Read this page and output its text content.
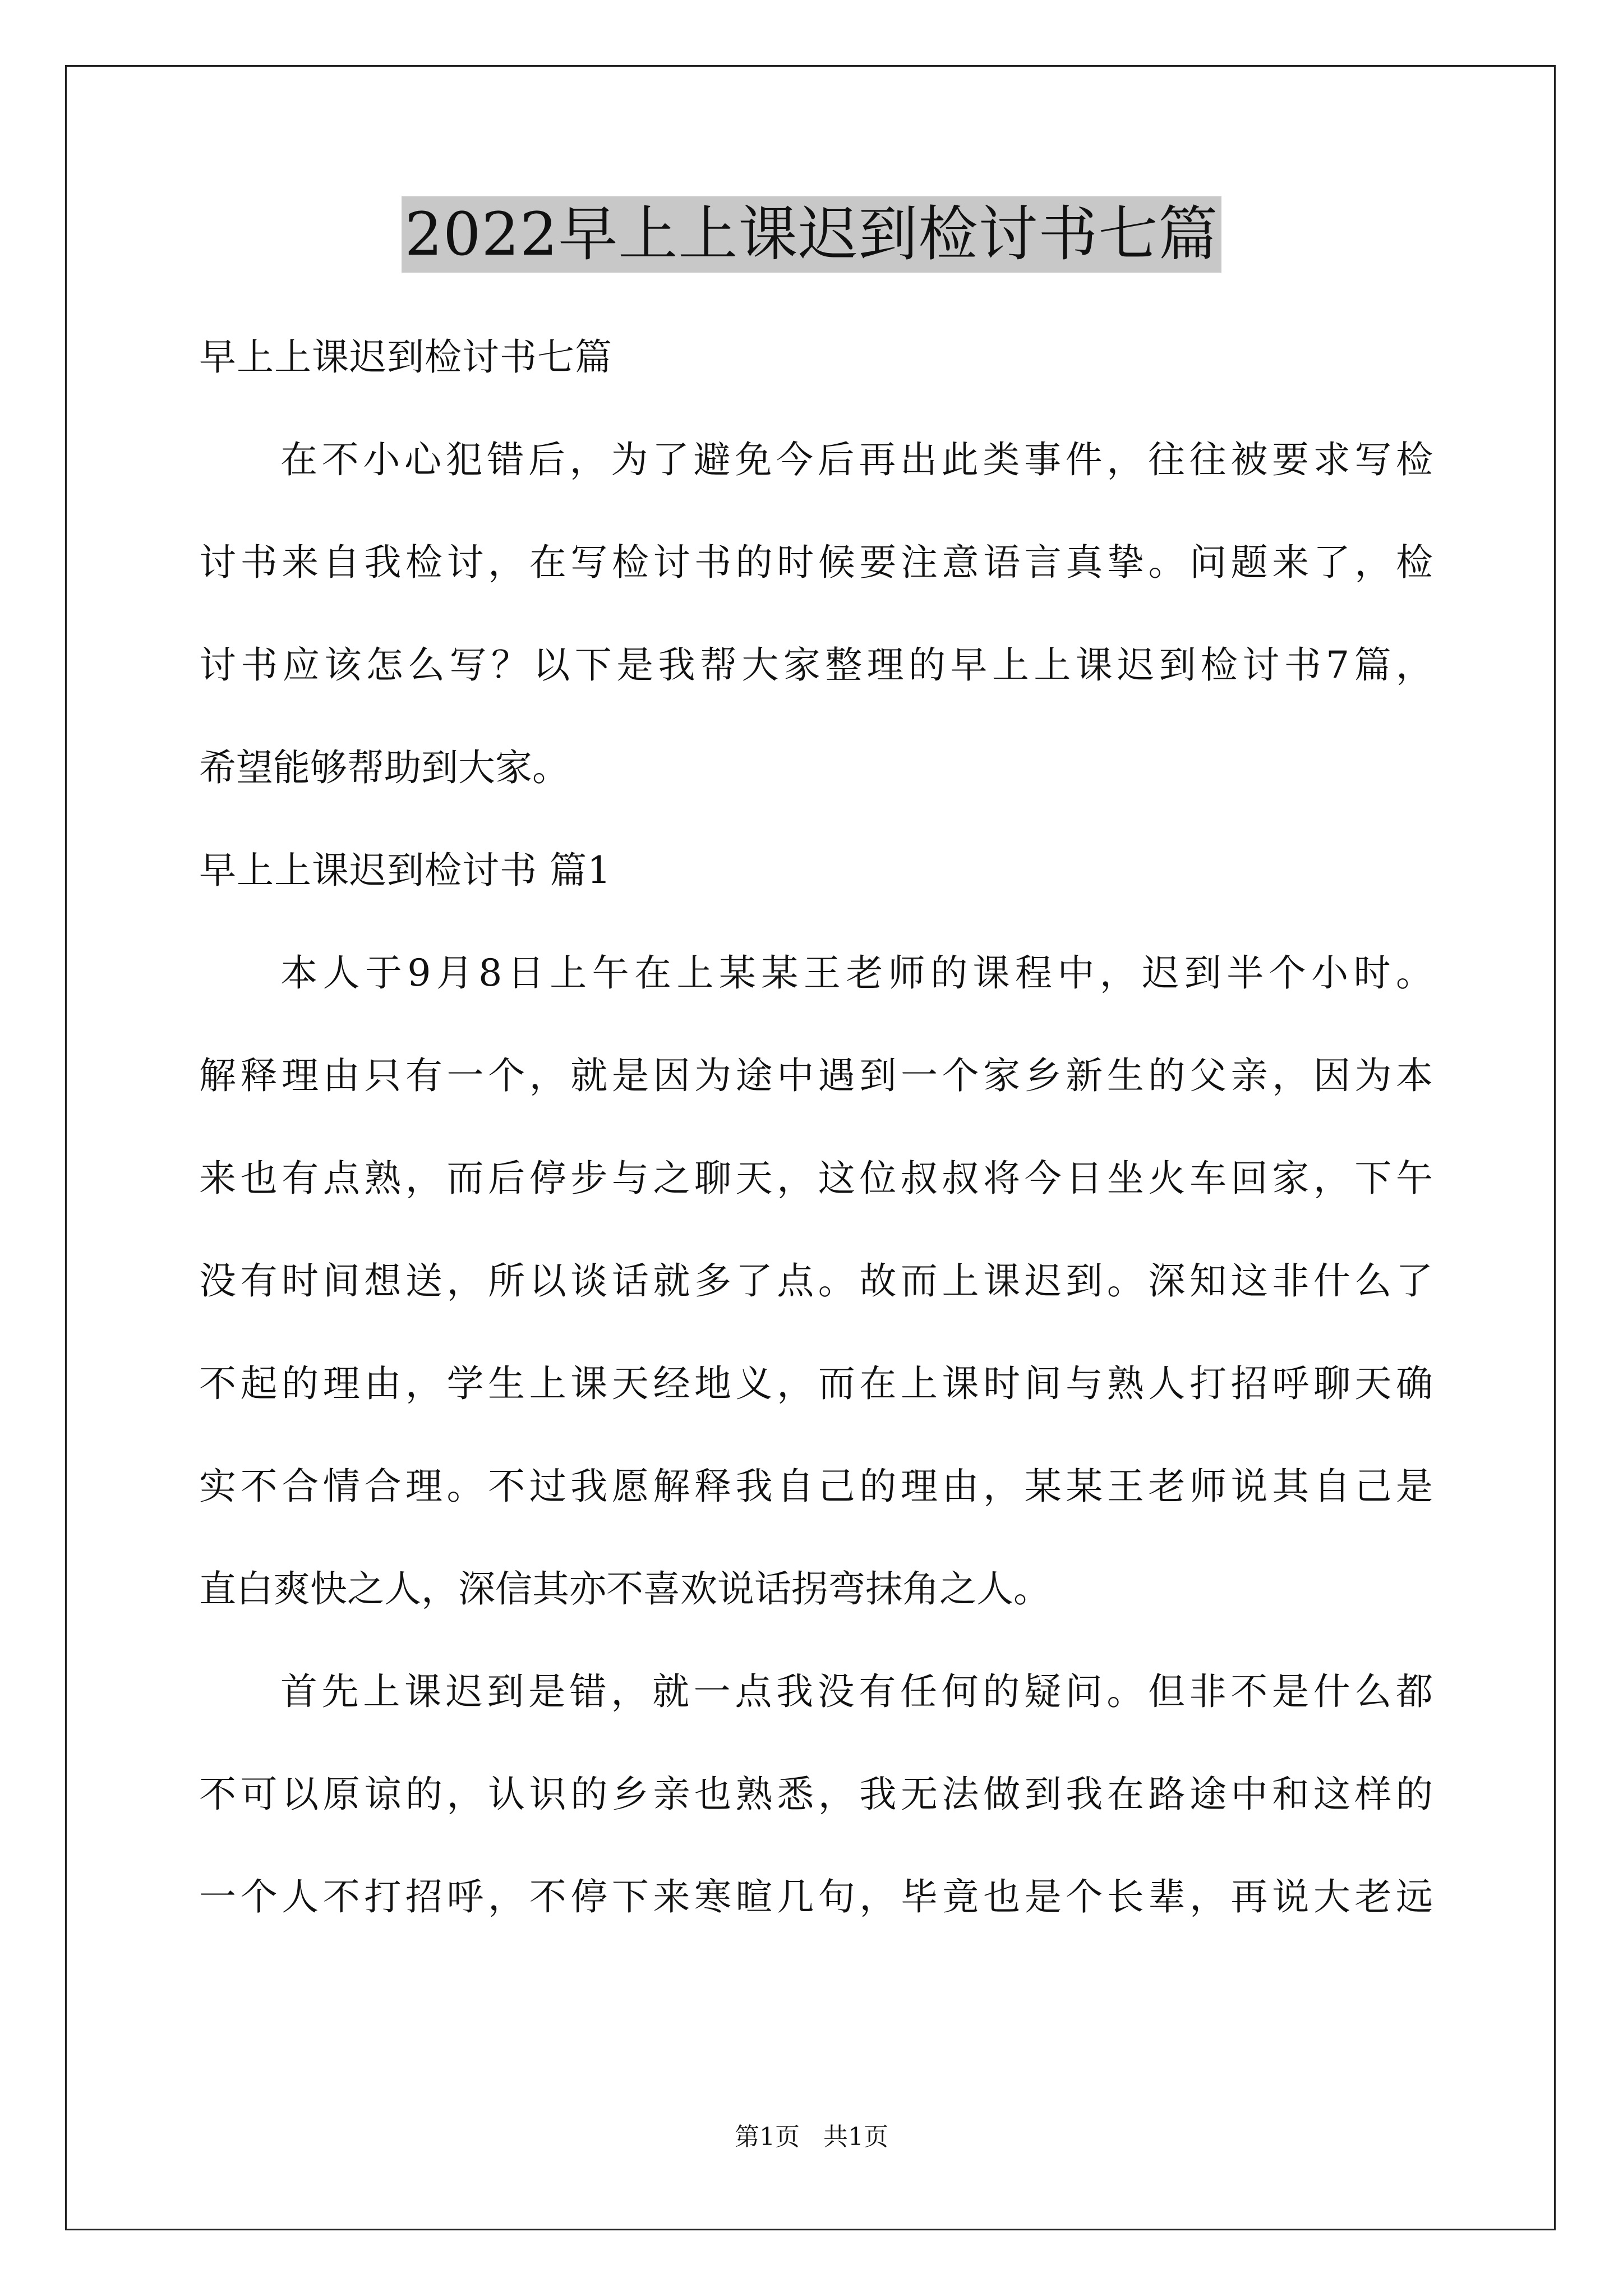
2022早上上课迟到检讨书七篇
早上上课迟到检讨书七篇
在不小心犯错后，为了避免今后再出此类事件，往往被要求写检
讨书来自我检讨，在写检讨书的时候要注意语言真挚。问题来了，检
讨书应该怎么写？以下是我帮大家整理的早上上课迟到检讨书7篇，
希望能够帮助到大家。
早上上课迟到检讨书 篇1
本人于9月8日上午在上某某王老师的课程中，迟到半个小时。
解释理由只有一个，就是因为途中遇到一个家乡新生的父亲，因为本
来也有点熟，而后停步与之聊天，这位叔叔将今日坐火车回家，下午
没有时间想送，所以谈话就多了点。故而上课迟到。深知这非什么了
不起的理由，学生上课天经地义，而在上课时间与熟人打招呼聊天确
实不合情合理。不过我愿解释我自己的理由，某某王老师说其自己是
直白爽快之人，深信其亦不喜欢说话拐弯抹角之人。
首先上课迟到是错，就一点我没有任何的疑问。但非不是什么都
不可以原谅的，认识的乡亲也熟悉，我无法做到我在路途中和这样的
一个人不打招呼，不停下来寒暄几句，毕竟也是个长辈，再说大老远
第1页   共1页
